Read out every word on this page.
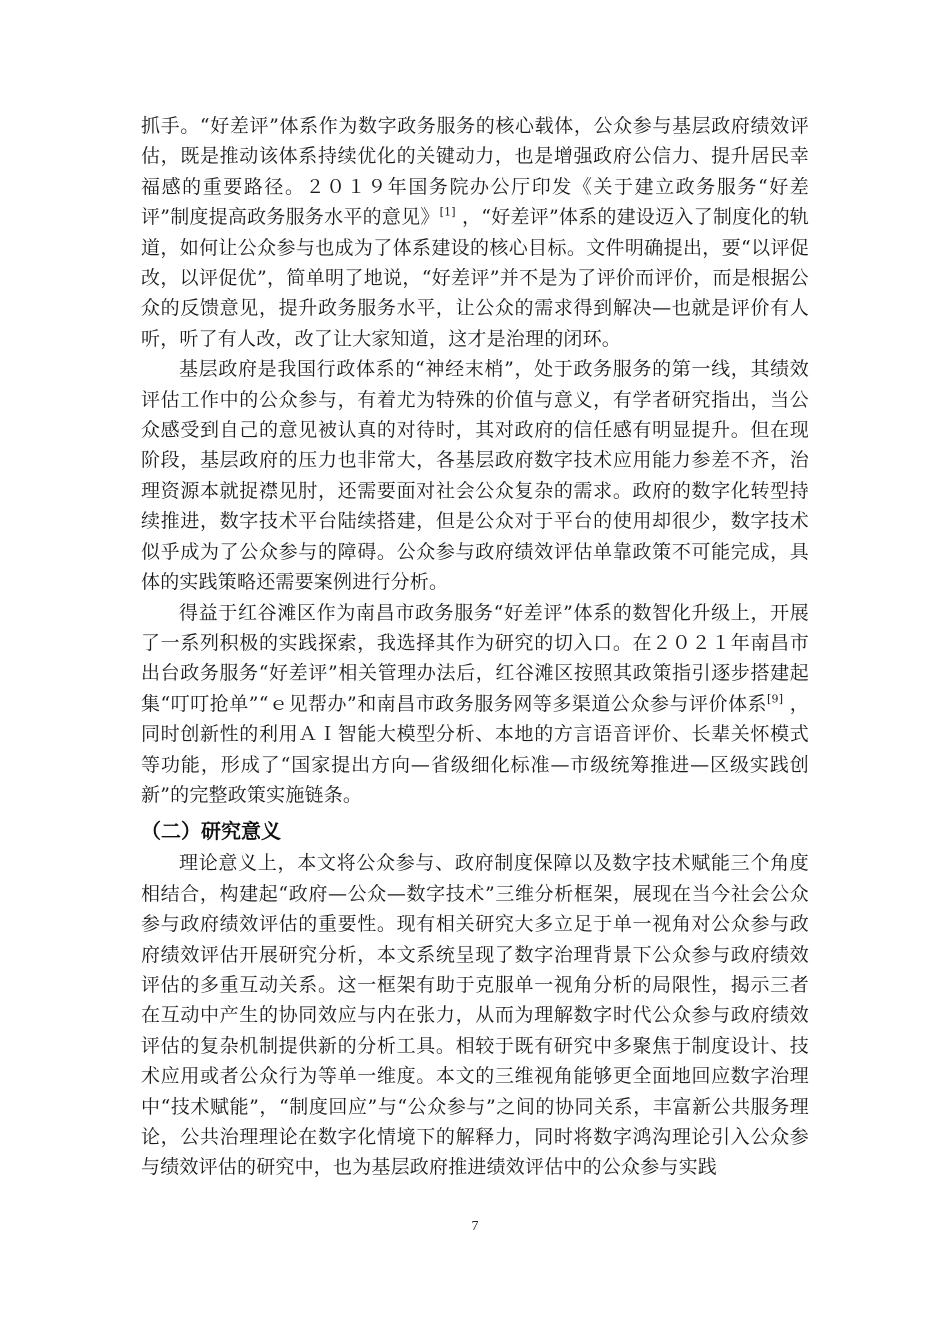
抓手。“好差评”体系作为数字政务服务的核心载体，公众参与基层政府绩效评估，既是推动该体系持续优化的关键动力，也是增强政府公信力、提升居民幸福感的重要路径。２０１９年国务院办公厅印发《关于建立政务服务“好差评”制度提高政务服务水平的意见》[1] ，“好差评”体系的建设迈入了制度化的轨道，如何让公众参与也成为了体系建设的核心目标。文件明确提出，要“以评促改，以评促优”，简单明了地说，“好差评”并不是为了评价而评价，而是根据公众的反馈意见，提升政务服务水平，让公众的需求得到解决—也就是评价有人听，听了有人改，改了让大家知道，这才是治理的闭环。

基层政府是我国行政体系的“神经末梢”，处于政务服务的第一线，其绩效评估工作中的公众参与，有着尤为特殊的价值与意义，有学者研究指出，当公众感受到自己的意见被认真的对待时，其对政府的信任感有明显提升。但在现阶段，基层政府的压力也非常大，各基层政府数字技术应用能力参差不齐，治理资源本就捉襟见肘，还需要面对社会公众复杂的需求。政府的数字化转型持续推进，数字技术平台陆续搭建，但是公众对于平台的使用却很少，数字技术似乎成为了公众参与的障碍。公众参与政府绩效评估单靠政策不可能完成，具体的实践策略还需要案例进行分析。

得益于红谷滩区作为南昌市政务服务“好差评”体系的数智化升级上，开展了一系列积极的实践探索，我选择其作为研究的切入口。在２０２１年南昌市出台政务服务“好差评”相关管理办法后，红谷滩区按照其政策指引逐步搭建起集“叮叮抢单”“ｅ见帮办”和南昌市政务服务网等多渠道公众参与评价体系[9] ，同时创新性的利用ＡＩ智能大模型分析、本地的方言语音评价、长辈关怀模式等功能，形成了“国家提出方向—省级细化标准—市级统筹推进—区级实践创新”的完整政策实施链条。

（二）研究意义

理论意义上，本文将公众参与、政府制度保障以及数字技术赋能三个角度相结合，构建起“政府—公众—数字技术”三维分析框架，展现在当今社会公众参与政府绩效评估的重要性。现有相关研究大多立足于单一视角对公众参与政府绩效评估开展研究分析，本文系统呈现了数字治理背景下公众参与政府绩效评估的多重互动关系。这一框架有助于克服单一视角分析的局限性，揭示三者在互动中产生的协同效应与内在张力，从而为理解数字时代公众参与政府绩效评估的复杂机制提供新的分析工具。相较于既有研究中多聚焦于制度设计、技术应用或者公众行为等单一维度。本文的三维视角能够更全面地回应数字治理中“技术赋能”，“制度回应”与“公众参与”之间的协同关系，丰富新公共服务理论，公共治理理论在数字化情境下的解释力，同时将数字鸿沟理论引入公众参与绩效评估的研究中，也为基层政府推进绩效评估中的公众参与实践

7
